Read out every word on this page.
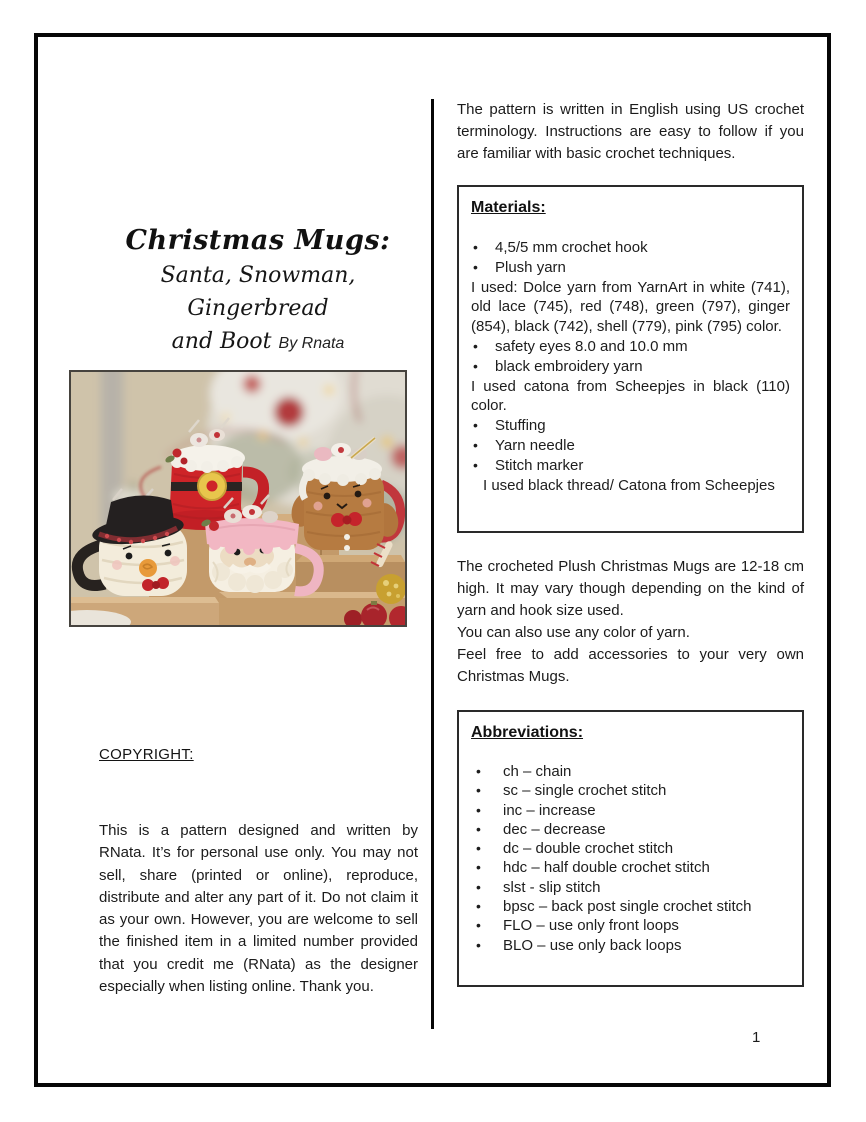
Christmas Mugs:
Santa, Snowman, Gingerbread
and Boot By Rnata
COPYRIGHT:
This is a pattern designed and written by RNata. It’s for personal use only. You may not sell, share (printed or online), reproduce, distribute and alter any part of it. Do not claim it as your own. However, you are welcome to sell the finished item in a limited number provided that you credit me (RNata) as the designer especially when listing online. Thank you.
The pattern is written in English using US crochet terminology. Instructions are easy to follow if you are familiar with basic crochet techniques.
Materials:
•	4,5/5 mm crochet hook
•	Plush yarn
I used: Dolce yarn from YarnArt in white (741), old lace (745), red (748), green (797), ginger (854), black (742), shell (779), pink (795) color.
•	safety eyes 8.0 and 10.0 mm
•	black embroidery yarn
I used catona from Scheepjes in black (110) color.
•	Stuffing
•	Yarn needle
•	Stitch marker
I used black thread/ Catona from Scheepjes
The crocheted Plush Christmas Mugs are 12-18 cm high. It may vary though depending on the kind of yarn and hook size used.
You can also use any color of yarn.
Feel free to add accessories to your very own Christmas Mugs.
Abbreviations:
•	ch – chain
•	sc – single crochet stitch
•	inc – increase
•	dec – decrease
•	dc – double crochet stitch
•	hdc – half double crochet stitch
•	slst - slip stitch
•	bpsc – back post single crochet stitch
•	FLO – use only front loops
•	BLO – use only back loops
1
